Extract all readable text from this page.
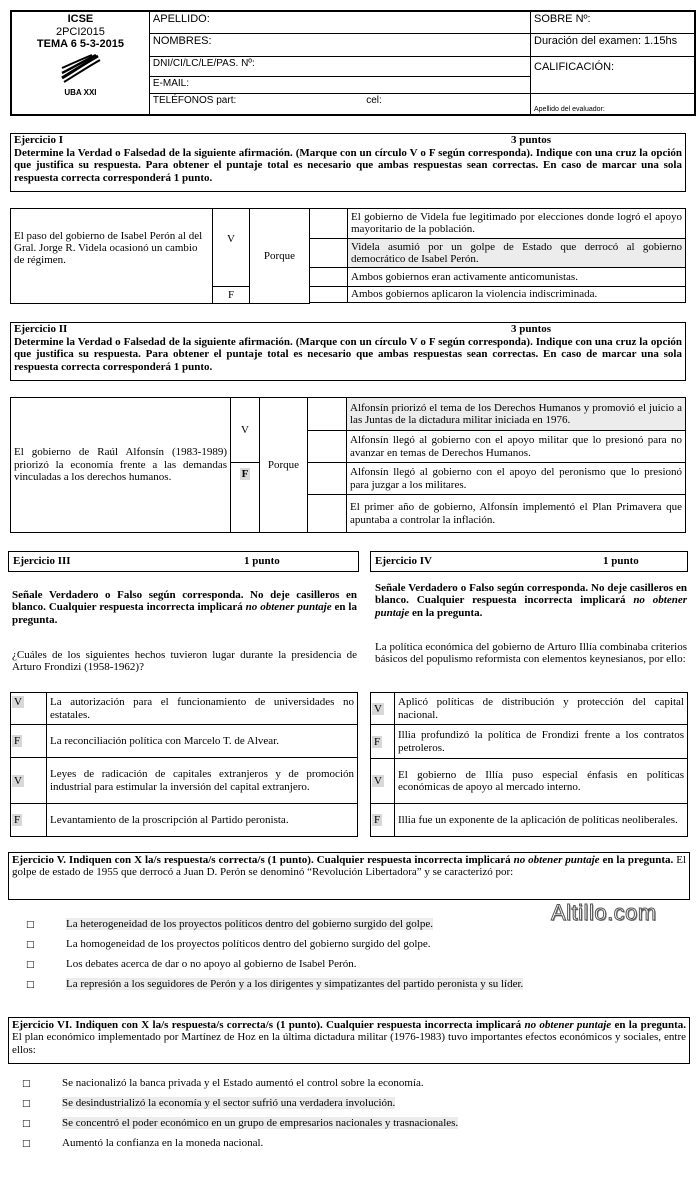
ICSE
2PCI2015
TEMA 6 5-3-2015
UBA XXI	APELLIDO:	SOBRE Nº:
	NOMBRES:	Duración del examen: 1.15hs
	DNI/CI/LC/LE/PAS. Nº:	CALIFICACIÓN:
	E-MAIL:	
	TELÉFONOS part: cel:	Apellido del evaluador:
Ejercicio I	3 puntos
Determine la Verdad o Falsedad de la siguiente afirmación. (Marque con un círculo V o F según corresponda). Indique con una cruz la opción que justifica su respuesta. Para obtener el puntaje total es necesario que ambas respuestas sean correctas. En caso de marcar una sola respuesta correcta corresponderá 1 punto.
El paso del gobierno de Isabel Perón al del Gral. Jorge R. Videla ocasionó un cambio de régimen.	V	Porque		El gobierno de Videla fue legitimado por elecciones donde logró el apoyo mayoritario de la población.
				Videla asumió por un golpe de Estado que derrocó al gobierno democrático de Isabel Perón.
				Ambos gobiernos eran activamente anticomunistas.
	F			Ambos gobiernos aplicaron la violencia indiscriminada.

Ejercicio II	3 puntos
Determine la Verdad o Falsedad de la siguiente afirmación. (Marque con un círculo V o F según corresponda). Indique con una cruz la opción que justifica su respuesta. Para obtener el puntaje total es necesario que ambas respuestas sean correctas. En caso de marcar una sola respuesta correcta corresponderá 1 punto.
El gobierno de Raúl Alfonsín (1983-1989) priorizó la economía frente a las demandas vinculadas a los derechos humanos.	V	Porque		Alfonsín priorizó el tema de los Derechos Humanos y promovió el juicio a las Juntas de la dictadura militar iniciada en 1976.
				Alfonsín llegó al gobierno con el apoyo militar que lo presionó para no avanzar en temas de Derechos Humanos.
	F			Alfonsín llegó al gobierno con el apoyo del peronismo que lo presionó para juzgar a los militares.
				El primer año de gobierno, Alfonsín implementó el Plan Primavera que apuntaba a controlar la inflación.
Ejercicio III	1 punto
Señale Verdadero o Falso según corresponda. No deje casilleros en blanco. Cualquier respuesta incorrecta implicará no obtener puntaje en la pregunta.
¿Cuáles de los siguientes hechos tuvieron lugar durante la presidencia de Arturo Frondizi (1958-1962)?
V	La autorización para el funcionamiento de universidades no estatales.
F	La reconciliación política con Marcelo T. de Alvear.
V	Leyes de radicación de capitales extranjeros y de promoción industrial para estimular la inversión del capital extranjero.
F	Levantamiento de la proscripción al Partido peronista.
Ejercicio IV	1 punto
Señale Verdadero o Falso según corresponda. No deje casilleros en blanco. Cualquier respuesta incorrecta implicará no obtener puntaje en la pregunta.
La política económica del gobierno de Arturo Illía combinaba criterios básicos del populismo reformista con elementos keynesianos, por ello:
V	Aplicó políticas de distribución y protección del capital nacional.
F	Illia profundizó la política de Frondizi frente a los contratos petroleros.
V	El gobierno de Illía puso especial énfasis en políticas económicas de apoyo al mercado interno.
F	Illia fue un exponente de la aplicación de políticas neoliberales.
Ejercicio V. Indiquen con X la/s respuesta/s correcta/s (1 punto). Cualquier respuesta incorrecta implicará no obtener puntaje en la pregunta. El golpe de estado de 1955 que derrocó a Juan D. Perón se denominó “Revolución Libertadora” y se caracterizó por:
Altillo.com
□	La heterogeneidad de los proyectos políticos dentro del gobierno surgido del golpe.
□	La homogeneidad de los proyectos políticos dentro del gobierno surgido del golpe.
□	Los debates acerca de dar o no apoyo al gobierno de Isabel Perón.
□	La represión a los seguidores de Perón y a los dirigentes y simpatizantes del partido peronista y su líder.
Ejercicio VI. Indiquen con X la/s respuesta/s correcta/s (1 punto). Cualquier respuesta incorrecta implicará no obtener puntaje en la pregunta. El plan económico implementado por Martínez de Hoz en la última dictadura militar (1976-1983) tuvo importantes efectos económicos y sociales, entre ellos:
□	Se nacionalizó la banca privada y el Estado aumentó el control sobre la economía.
□	Se desindustrializó la economía y el sector sufrió una verdadera involución.
□	Se concentró el poder económico en un grupo de empresarios nacionales y trasnacionales.
□	Aumentó la confianza en la moneda nacional.
